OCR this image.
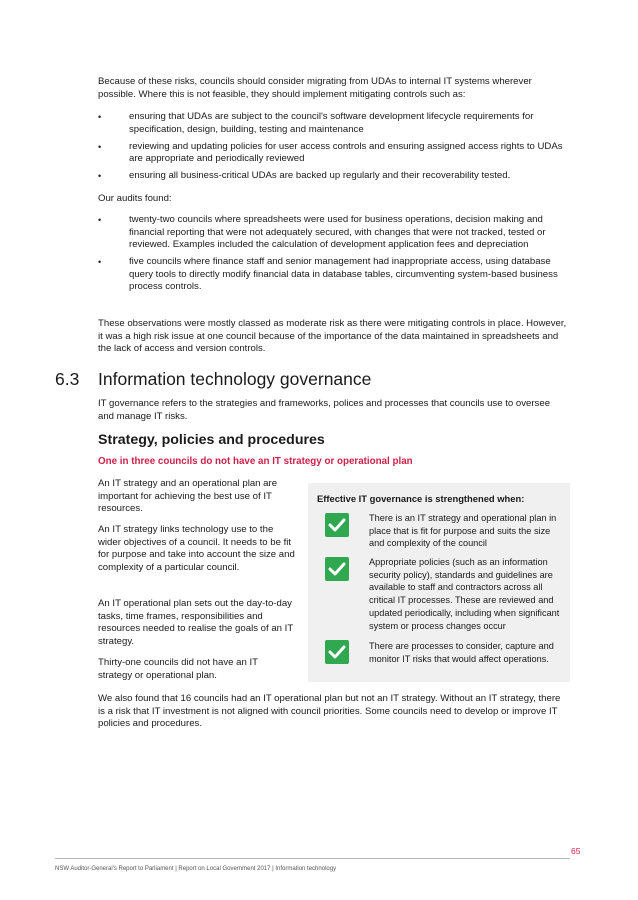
Because of these risks, councils should consider migrating from UDAs to internal IT systems wherever possible. Where this is not feasible, they should implement mitigating controls such as:

• ensuring that UDAs are subject to the council's software development lifecycle requirements for specification, design, building, testing and maintenance
• reviewing and updating policies for user access controls and ensuring assigned access rights to UDAs are appropriate and periodically reviewed
• ensuring all business-critical UDAs are backed up regularly and their recoverability tested.

Our audits found:

• twenty-two councils where spreadsheets were used for business operations, decision making and financial reporting that were not adequately secured, with changes that were not tracked, tested or reviewed. Examples included the calculation of development application fees and depreciation
• five councils where finance staff and senior management had inappropriate access, using database query tools to directly modify financial data in database tables, circumventing system-based business process controls.

These observations were mostly classed as moderate risk as there were mitigating controls in place. However, it was a high risk issue at one council because of the importance of the data maintained in spreadsheets and the lack of access and version controls.

6.3 Information technology governance

IT governance refers to the strategies and frameworks, polices and processes that councils use to oversee and manage IT risks.

Strategy, policies and procedures
One in three councils do not have an IT strategy or operational plan

An IT strategy and an operational plan are important for achieving the best use of IT resources.

An IT strategy links technology use to the wider objectives of a council. It needs to be fit for purpose and take into account the size and complexity of a particular council.

An IT operational plan sets out the day-to-day tasks, time frames, responsibilities and resources needed to realise the goals of an IT strategy.

Thirty-one councils did not have an IT strategy or operational plan.

Effective IT governance is strengthened when:
There is an IT strategy and operational plan in place that is fit for purpose and suits the size and complexity of the council
Appropriate policies (such as an information security policy), standards and guidelines are available to staff and contractors across all critical IT processes. These are reviewed and updated periodically, including when significant system or process changes occur
There are processes to consider, capture and monitor IT risks that would affect operations.

We also found that 16 councils had an IT operational plan but not an IT strategy. Without an IT strategy, there is a risk that IT investment is not aligned with council priorities. Some councils need to develop or improve IT policies and procedures.

65
NSW Auditor-General's Report to Parliament | Report on Local Government 2017 | Information technology
